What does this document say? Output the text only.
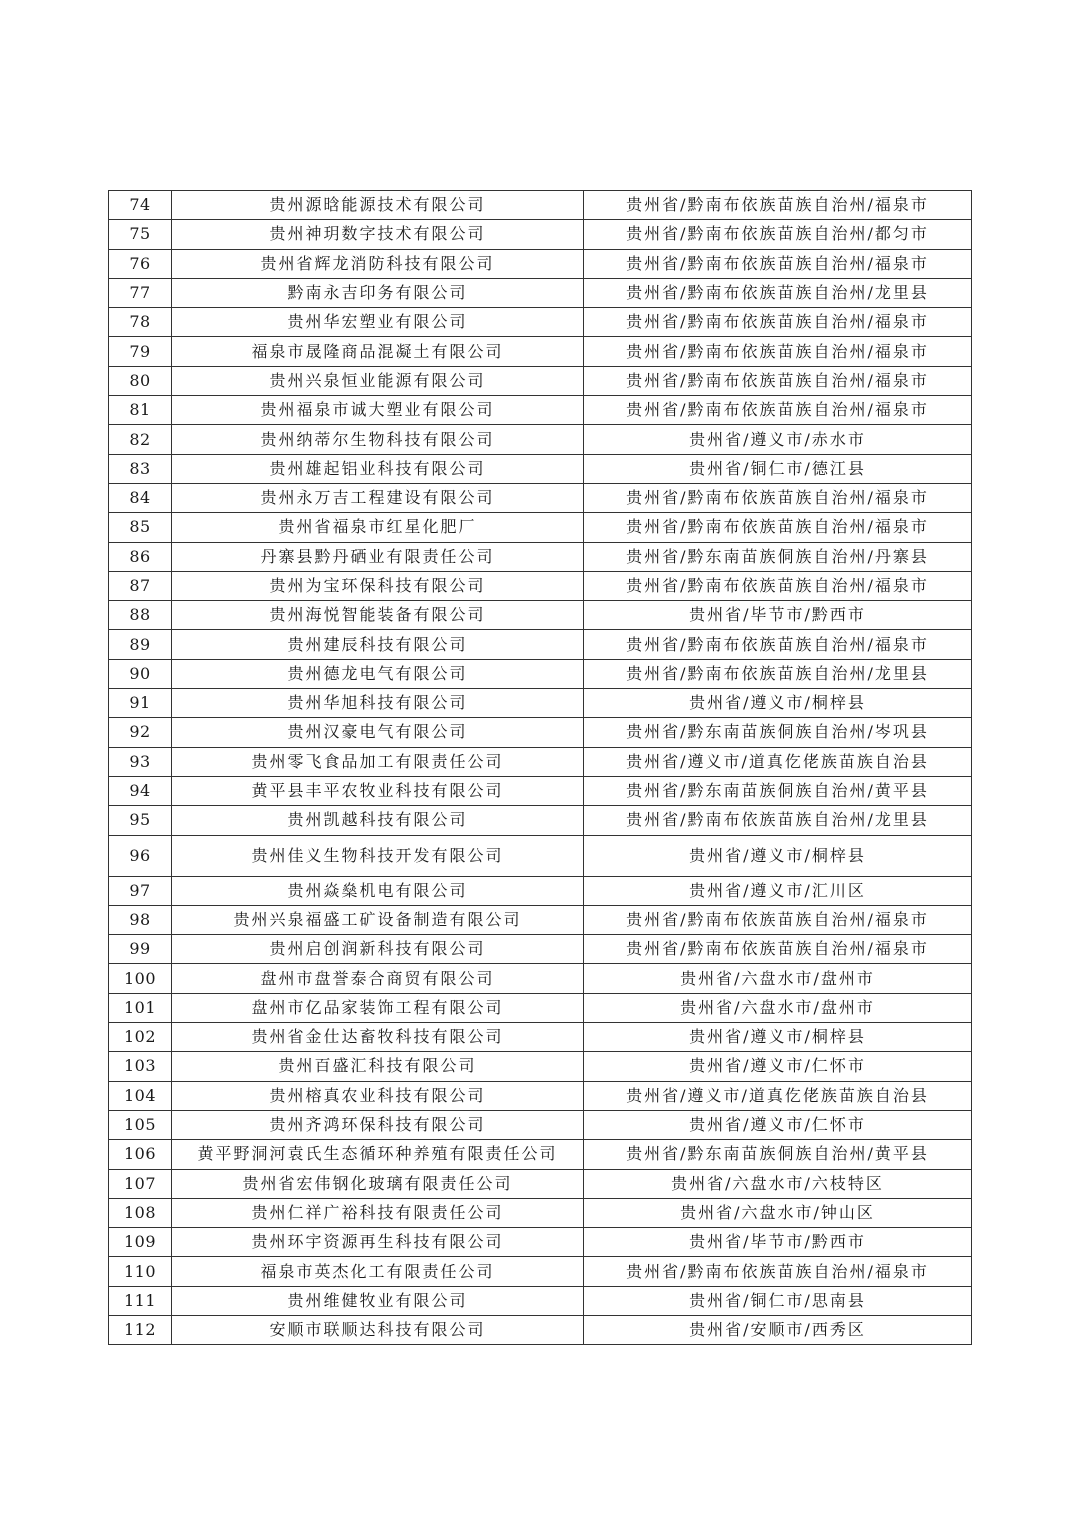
74	贵州源晗能源技术有限公司	贵州省/黔南布依族苗族自治州/福泉市
75	贵州神玥数字技术有限公司	贵州省/黔南布依族苗族自治州/都匀市
76	贵州省辉龙消防科技有限公司	贵州省/黔南布依族苗族自治州/福泉市
77	黔南永吉印务有限公司	贵州省/黔南布依族苗族自治州/龙里县
78	贵州华宏塑业有限公司	贵州省/黔南布依族苗族自治州/福泉市
79	福泉市晟隆商品混凝土有限公司	贵州省/黔南布依族苗族自治州/福泉市
80	贵州兴泉恒业能源有限公司	贵州省/黔南布依族苗族自治州/福泉市
81	贵州福泉市诚大塑业有限公司	贵州省/黔南布依族苗族自治州/福泉市
82	贵州纳蒂尔生物科技有限公司	贵州省/遵义市/赤水市
83	贵州雄起铝业科技有限公司	贵州省/铜仁市/德江县
84	贵州永万吉工程建设有限公司	贵州省/黔南布依族苗族自治州/福泉市
85	贵州省福泉市红星化肥厂	贵州省/黔南布依族苗族自治州/福泉市
86	丹寨县黔丹硒业有限责任公司	贵州省/黔东南苗族侗族自治州/丹寨县
87	贵州为宝环保科技有限公司	贵州省/黔南布依族苗族自治州/福泉市
88	贵州海悦智能装备有限公司	贵州省/毕节市/黔西市
89	贵州建辰科技有限公司	贵州省/黔南布依族苗族自治州/福泉市
90	贵州德龙电气有限公司	贵州省/黔南布依族苗族自治州/龙里县
91	贵州华旭科技有限公司	贵州省/遵义市/桐梓县
92	贵州汉豪电气有限公司	贵州省/黔东南苗族侗族自治州/岑巩县
93	贵州零飞食品加工有限责任公司	贵州省/遵义市/道真仡佬族苗族自治县
94	黄平县丰平农牧业科技有限公司	贵州省/黔东南苗族侗族自治州/黄平县
95	贵州凯越科技有限公司	贵州省/黔南布依族苗族自治州/龙里县
96	贵州佳义生物科技开发有限公司	贵州省/遵义市/桐梓县
97	贵州焱燊机电有限公司	贵州省/遵义市/汇川区
98	贵州兴泉福盛工矿设备制造有限公司	贵州省/黔南布依族苗族自治州/福泉市
99	贵州启创润新科技有限公司	贵州省/黔南布依族苗族自治州/福泉市
100	盘州市盘誉泰合商贸有限公司	贵州省/六盘水市/盘州市
101	盘州市亿品家装饰工程有限公司	贵州省/六盘水市/盘州市
102	贵州省金仕达畜牧科技有限公司	贵州省/遵义市/桐梓县
103	贵州百盛汇科技有限公司	贵州省/遵义市/仁怀市
104	贵州榕真农业科技有限公司	贵州省/遵义市/道真仡佬族苗族自治县
105	贵州齐鸿环保科技有限公司	贵州省/遵义市/仁怀市
106	黄平野洞河袁氏生态循环种养殖有限责任公司	贵州省/黔东南苗族侗族自治州/黄平县
107	贵州省宏伟钢化玻璃有限责任公司	贵州省/六盘水市/六枝特区
108	贵州仁祥广裕科技有限责任公司	贵州省/六盘水市/钟山区
109	贵州环宇资源再生科技有限公司	贵州省/毕节市/黔西市
110	福泉市英杰化工有限责任公司	贵州省/黔南布依族苗族自治州/福泉市
111	贵州维健牧业有限公司	贵州省/铜仁市/思南县
112	安顺市联顺达科技有限公司	贵州省/安顺市/西秀区
